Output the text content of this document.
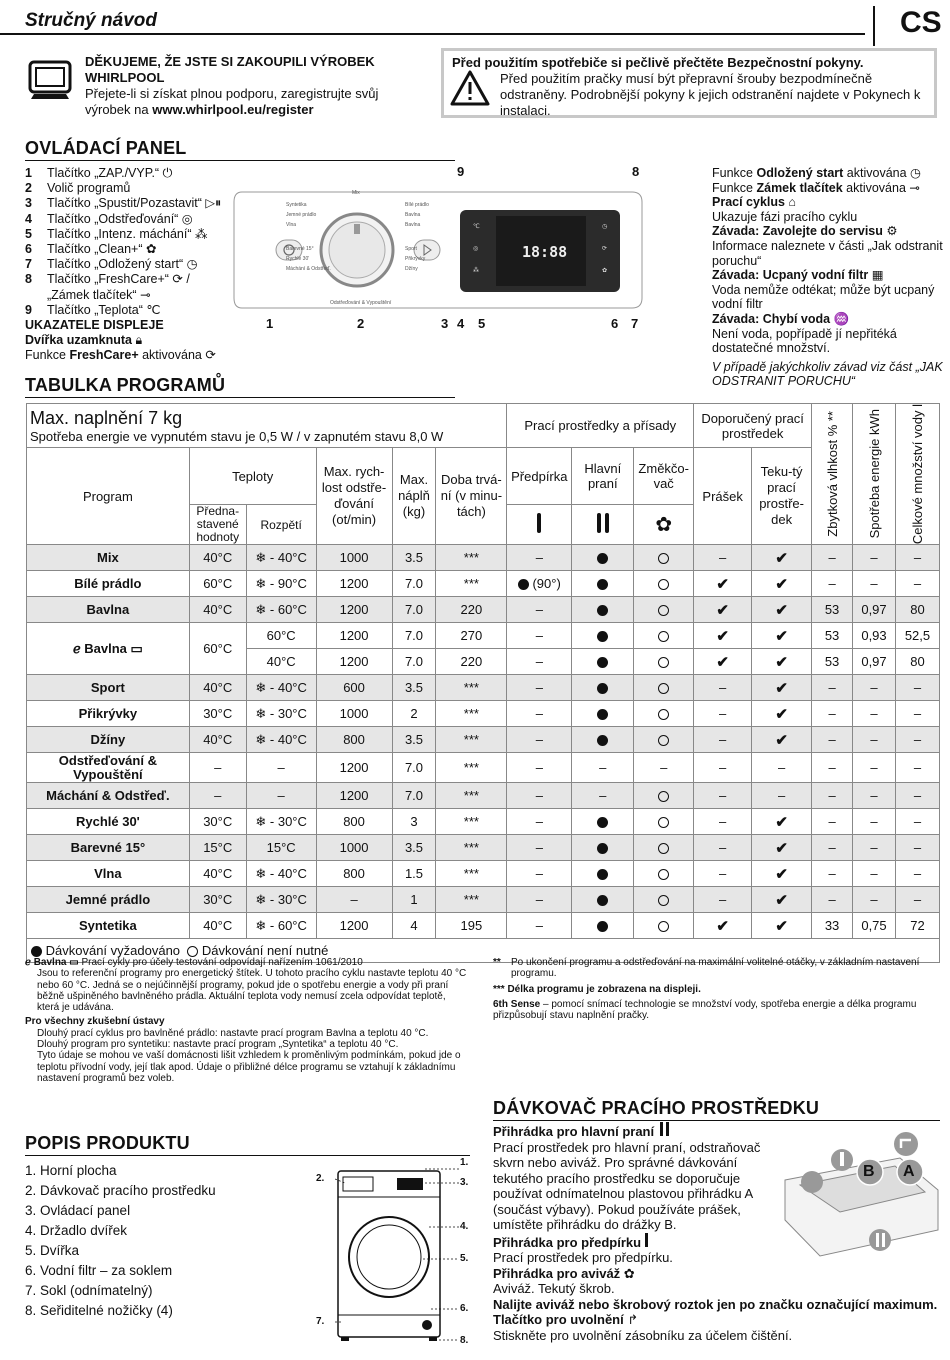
Stručný návod	CS
DĚKUJEME, ŽE JSTE SI ZAKOUPILI VÝROBEK
WHIRLPOOL
Přejete-li si získat plnou podporu, zaregistrujte svůj výrobek na www.whirlpool.eu/register
Před použitím spotřebiče si pečlivě přečtěte Bezpečnostní pokyny.
Před použitím pračky musí být přepravní šrouby bezpodmínečně odstraněny. Podrobnější pokyny k jejich odstranění najdete v Pokynech k instalaci.
OVLÁDACÍ PANEL
1 Tlačítko „ZAP./VYP.“ ⏻
2 Volič programů
3 Tlačítko „Spustit/Pozastavit“ ▷⏸
4 Tlačítko „Odstřeďování“ ◎
5 Tlačítko „Intenz. máchání“ ⁂
6 Tlačítko „Clean+“ ✿
7 Tlačítko „Odložený start“ ◷
8 Tlačítko „FreshCare+“ ⟳ /
„Zámek tlačítek“ ⊸
9 Tlačítko „Teplota“ ℃
UKAZATELE DISPLEJE
Dvířka uzamknuta 🔒︎
Funkce FreshCare+ aktivována ⟳
℃
◎
⁂
◷
⟳
✿
18:88
Syntetika
Jemné prádlo
Vlna
Barevné 15°
Rychlé 30'
Máchání & Odstřeď.
Bílé prádlo
Bavlna
Bavlna
Sport
Přikrývky
Džíny
Mix
Odstřeďování & Vypouštění
1	2	3 4 5	6 7
8
9	Funkce Odložený start aktivována ◷
Funkce Zámek tlačítek aktivována ⊸
Prací cyklus ⌂
Ukazuje fázi pracího cyklu
Závada: Zavolejte do servisu ⚙
Informace naleznete v části „Jak odstranit poruchu“
Závada: Ucpaný vodní filtr ▦
Voda nemůže odtékat; může být ucpaný vodní filtr
Závada: Chybí voda ♒
Není voda, popřípadě jí nepřitéká dostatečné množství.
V případě jakýchkoliv závad viz část „JAK ODSTRANIT PORUCHU“
TABULKA PROGRAMŮ
Max. naplnění 7 kg
Spotřeba energie ve vypnutém stavu je 0,5 W / v zapnutém stavu 8,0 W						Prací prostředky a přísady			Doporučený prací prostředek		Zbytková vlhkost % **	Spotřeba energie kWh	Celkové množství vody l

Program	Teploty		Max. rych-lost odstře-ďování (ot/min)	Max. náplň (kg)	Doba trvá-ní (v minu-tách)	Předpírka	Hlavní praní	Změkčo-vač	Prášek	Teku-tý prací prostře-dek			
	Předna-stavené hodnoty	Rozpětí						✿					
Mix	40°C	❄ - 40°C	1000	3.5	***	–			–	✔	–	–	–
Bílé prádlo	60°C	❄ - 90°C	1200	7.0	***	(90°)			✔	✔	–	–	–
Bavlna	40°C	❄ - 60°C	1200	7.0	220	–			✔	✔	53	0,97	80
ℯ Bavlna ▭	60°C	60°C	1200	7.0	270	–			✔	✔	53	0,93	52,5
		40°C	1200	7.0	220	–			✔	✔	53	0,97	80
Sport	40°C	❄ - 40°C	600	3.5	***	–			–	✔	–	–	–
Přikrývky	30°C	❄ - 30°C	1000	2	***	–			–	✔	–	–	–
Džíny	40°C	❄ - 40°C	800	3.5	***	–			–	✔	–	–	–
Odstřeďování & Vypouštění	–	–	1200	7.0	***	–	–	–	–	–	–	–	–
Máchání & Odstřeď.	–	–	1200	7.0	***	–	–		–	–	–	–	–
Rychlé 30'	30°C	❄ - 30°C	800	3	***	–			–	✔	–	–	–
Barevné 15°	15°C	15°C	1000	3.5	***	–			–	✔	–	–	–
Vlna	40°C	❄ - 40°C	800	1.5	***	–			–	✔	–	–	–
Jemné prádlo	30°C	❄ - 30°C	–	1	***	–			–	✔	–	–	–
Syntetika	40°C	❄ - 60°C	1200	4	195	–			✔	✔	33	0,75	72
Dávkování vyžadováno Dávkování není nutné													
ℯ Bavlna ▭ Prací cykly pro účely testování odpovídají nařízením 1061/2010
Jsou to referenční programy pro energetický štítek. U tohoto pracího cyklu nastavte teplotu 40 °C nebo 60 °C. Jedná se o nejúčinnější programy, pokud jde o spotřebu energie a vody při praní běžně ušpiněného bavlněného prádla. Aktuální teplota vody nemusí zcela odpovídat teplotě, která je udávána.
Pro všechny zkušební ústavy
Dlouhý prací cyklus pro bavlněné prádlo: nastavte prací program Bavlna a teplotu 40 °C.
Dlouhý program pro syntetiku: nastavte prací program „Syntetika“ a teplotu 40 °C.
Tyto údaje se mohou ve vaší domácnosti lišit vzhledem k proměnlivým podmínkám, pokud jde o teplotu přívodní vody, její tlak apod. Údaje o přibližné délce programu se vztahují k základnímu nastavení programů bez voleb.
**	Po ukončení programu a odstřeďování na maximální volitelné otáčky, v základním nastavení programu.
*** Délka programu je zobrazena na displeji.
6th Sense – pomocí snímací technologie se množství vody, spotřeba energie a délka programu přizpůsobují stavu naplnění pračky.
POPIS PRODUKTU
1. Horní plocha
2. Dávkovač pracího prostředku
3. Ovládací panel
4. Držadlo dvířek
5. Dvířka
6. Vodní filtr – za soklem
7. Sokl (odnímatelný)
8. Seřiditelné nožičky (4)
1.
2.	3.
4.
5.
6.
7.
8.
DÁVKOVAČ PRACÍHO PROSTŘEDKU
Přihrádka pro hlavní praní
Prací prostředek pro hlavní praní, odstraňovač skvrn nebo aviváž. Pro správné dávkování tekutého pracího prostředku se doporučuje používat odnímatelnou plastovou přihrádku A (součást výbavy). Pokud používáte prášek, umístěte přihrádku do drážky B.
Přihrádka pro předpírku
Prací prostředek pro předpírku.
Přihrádka pro aviváž ✿
Aviváž. Tekutý škrob.
Nalijte aviváž nebo škrobový roztok jen po značku označující maximum.
Tlačítko pro uvolnění ↱
Stiskněte pro uvolnění zásobníku za účelem čištění.
B A
